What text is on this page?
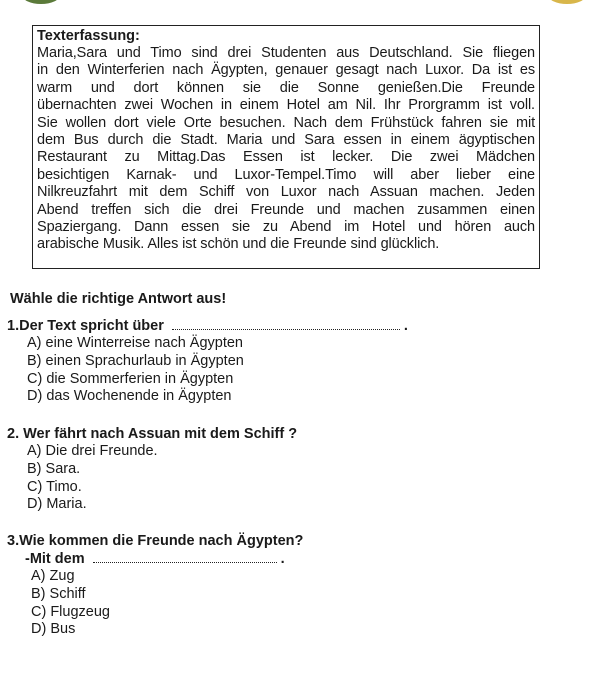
Texterfassung:

Maria,Sara und Timo sind drei Studenten aus Deutschland. Sie fliegen
in den Winterferien nach Ägypten, genauer gesagt nach Luxor. Da ist es
warm und dort können sie die Sonne genießen.Die Freunde
übernachten zwei Wochen in einem Hotel am Nil. Ihr Prorgramm ist voll.
Sie wollen dort viele Orte besuchen. Nach dem Frühstück fahren sie mit
dem Bus durch die Stadt. Maria und Sara essen in einem ägyptischen
Restaurant zu Mittag.Das Essen ist lecker. Die zwei Mädchen
besichtigen Karnak- und Luxor-Tempel.Timo will aber lieber eine
Nilkreuzfahrt mit dem Schiff von Luxor nach Assuan machen. Jeden
Abend treffen sich die drei Freunde und machen zusammen einen
Spaziergang. Dann essen sie zu Abend im Hotel und hören auch
arabische Musik. Alles ist schön und die Freunde sind glücklich.

Wähle die richtige Antwort aus!

1.Der Text spricht über	.

A) eine Winterreise nach Ägypten
B) einen Sprachurlaub in Ägypten
C) die Sommerferien in Ägypten
D) das Wochenende in Ägypten

2. Wer fährt nach Assuan mit dem Schiff ?

A) Die drei Freunde.
B) Sara.
C) Timo.
D) Maria.

3.Wie kommen die Freunde nach Ägypten?

-Mit dem	.

A) Zug
B) Schiff
C) Flugzeug
D) Bus
